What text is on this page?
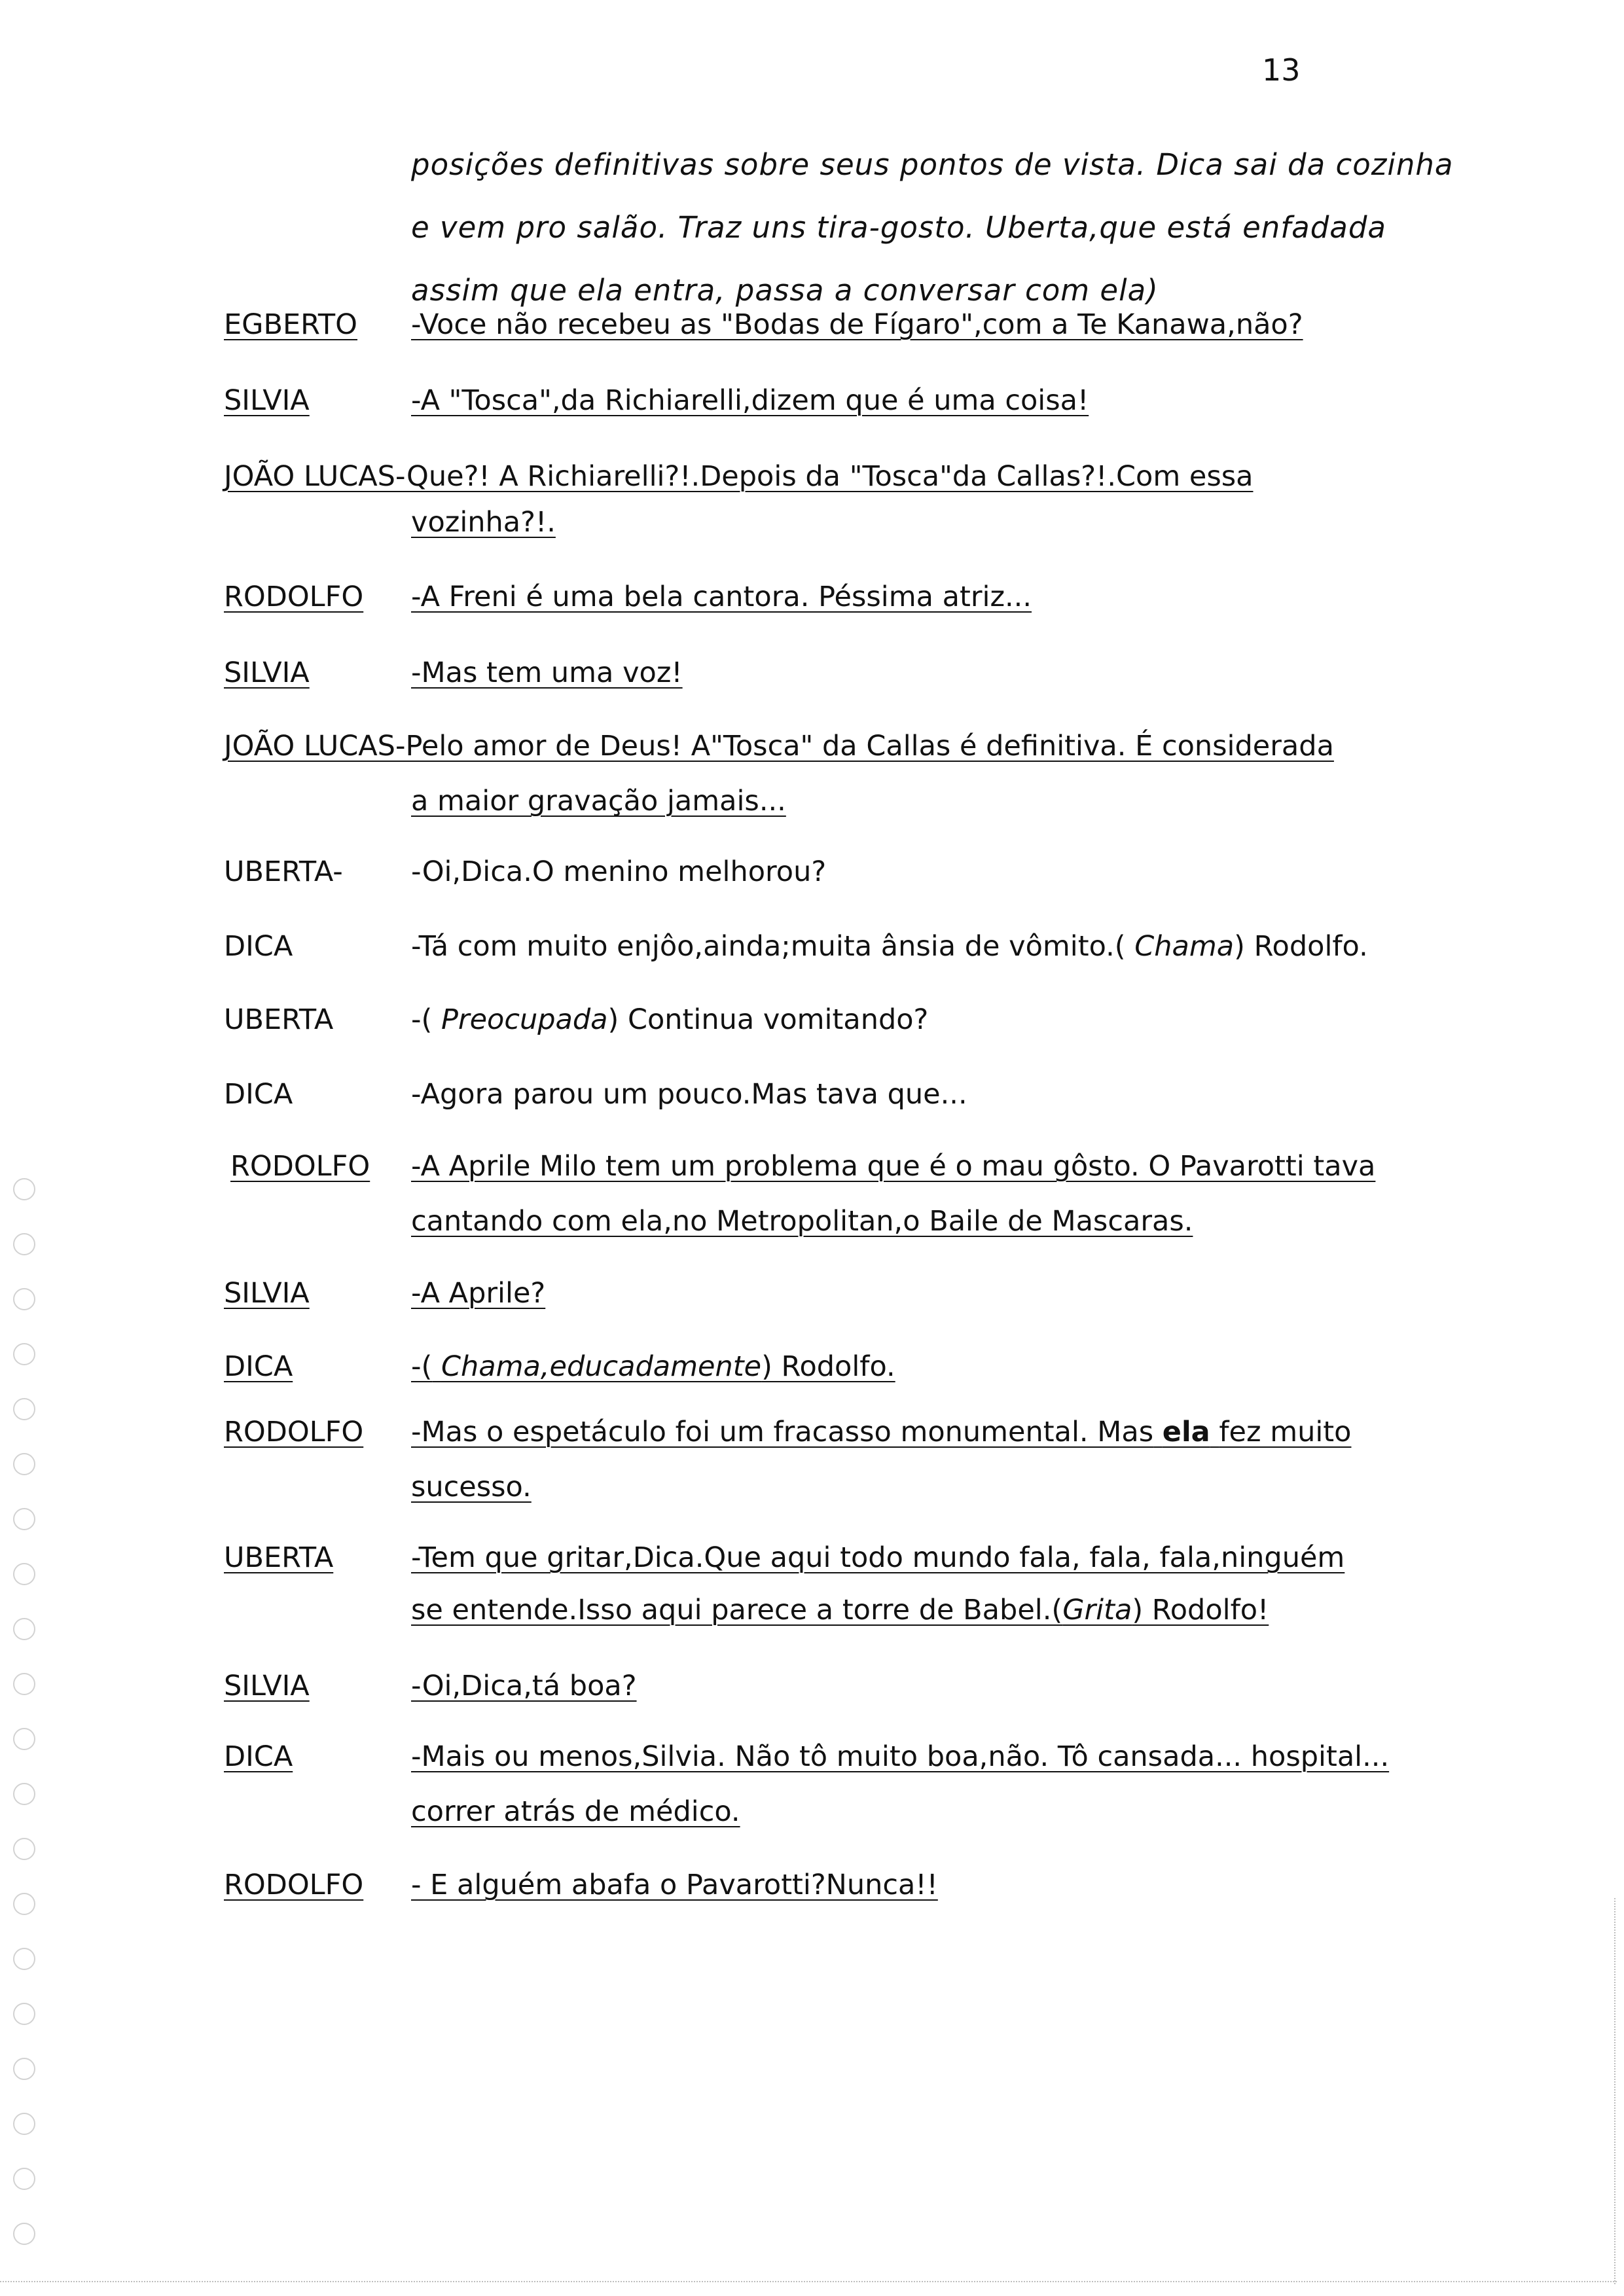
13
posições definitivas sobre seus pontos de vista. Dica sai da cozinha
e vem pro salão. Traz uns tira-gosto. Uberta,que está enfadada
assim que ela entra, passa a conversar com ela)
EGBERTO -Voce não recebeu as "Bodas de Fígaro",com a Te Kanawa,não?
SILVIA	-A "Tosca",da Richiarelli,dizem que é uma coisa!
JOÃO LUCAS-Que?! A Richiarelli?!.Depois da "Tosca"da Callas?!.Com essa
vozinha?!.
RODOLFO -A Freni é uma bela cantora. Péssima atriz...
SILVIA	-Mas tem uma voz!
JOÃO LUCAS-Pelo amor de Deus! A"Tosca" da Callas é definitiva. É considerada
a maior gravação jamais...
UBERTA- -Oi,Dica.O menino melhorou?
DICA	-Tá com muito enjôo,ainda;muita ânsia de vômito.( Chama) Rodolfo.
UBERTA	-( Preocupada) Continua vomitando?
DICA	-Agora parou um pouco.Mas tava que...
RODOLFO -A Aprile Milo tem um problema que é o mau gôsto. O Pavarotti tava
cantando com ela,no Metropolitan,o Baile de Mascaras.
SILVIA	-A Aprile?
DICA	-( Chama,educadamente) Rodolfo.
RODOLFO -Mas o espetáculo foi um fracasso monumental. Mas ela fez muito
sucesso.
UBERTA	-Tem que gritar,Dica.Que aqui todo mundo fala, fala, fala,ninguém
se entende.Isso aqui parece a torre de Babel.(Grita) Rodolfo!
SILVIA	-Oi,Dica,tá boa?
DICA	-Mais ou menos,Silvia. Não tô muito boa,não. Tô cansada... hospital...
correr atrás de médico.
RODOLFO - E alguém abafa o Pavarotti?Nunca!!
